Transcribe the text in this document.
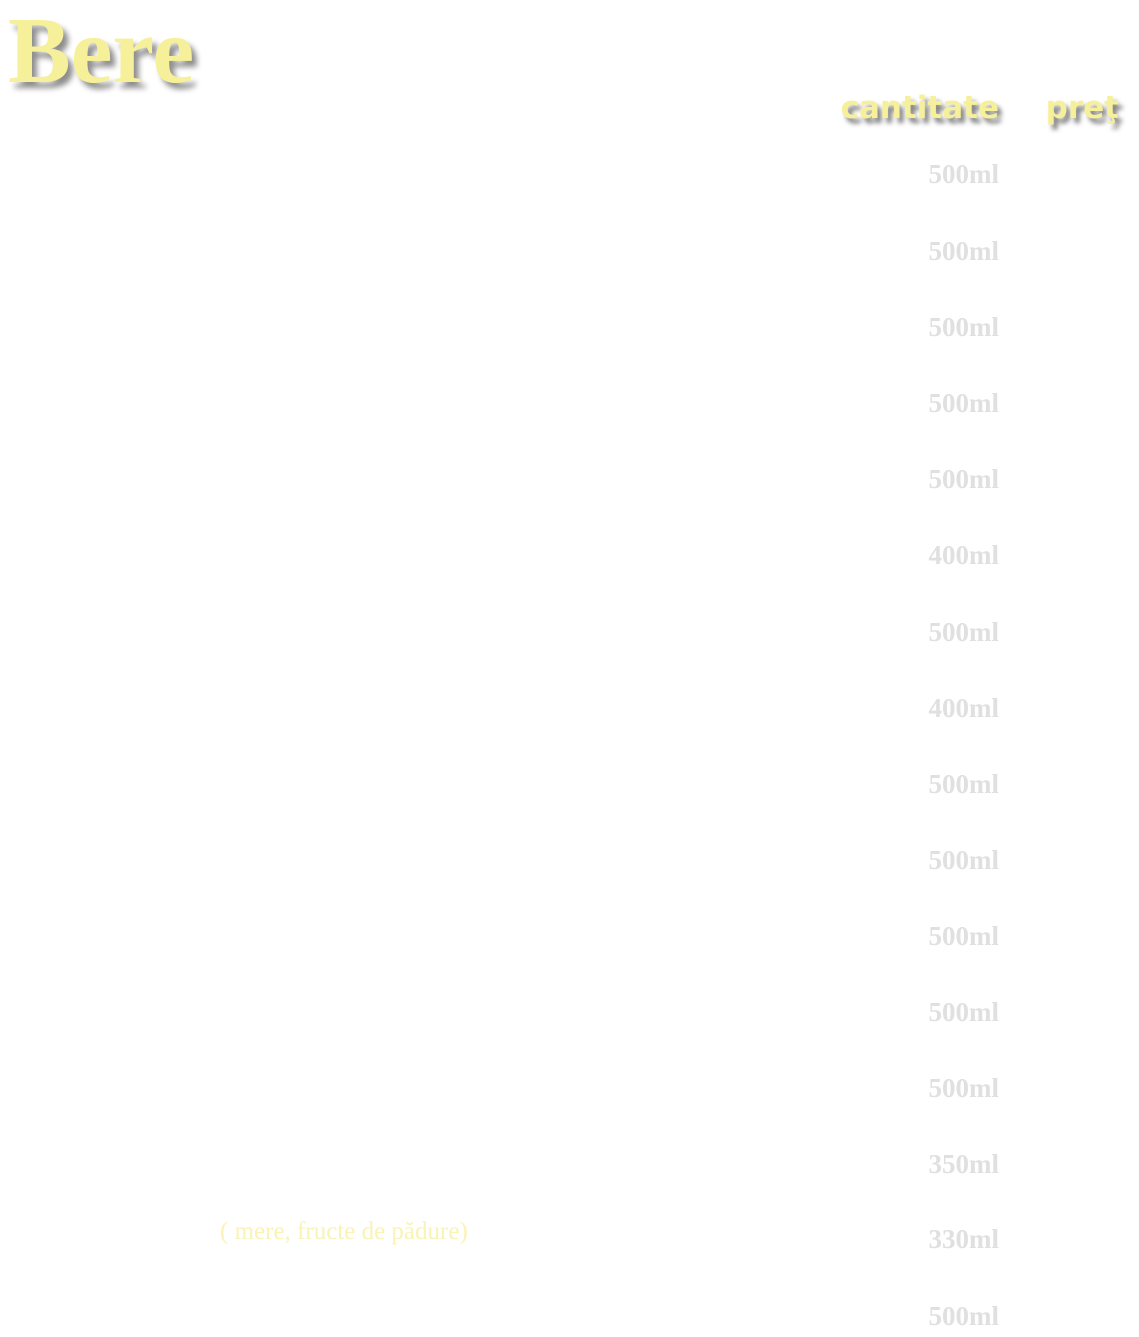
Bere
cantitate preţ
500ml
500ml
500ml
500ml
500ml
400ml
500ml
400ml
500ml
500ml
500ml
500ml
500ml
350ml
330ml
500ml
( mere, fructe de pădure)
